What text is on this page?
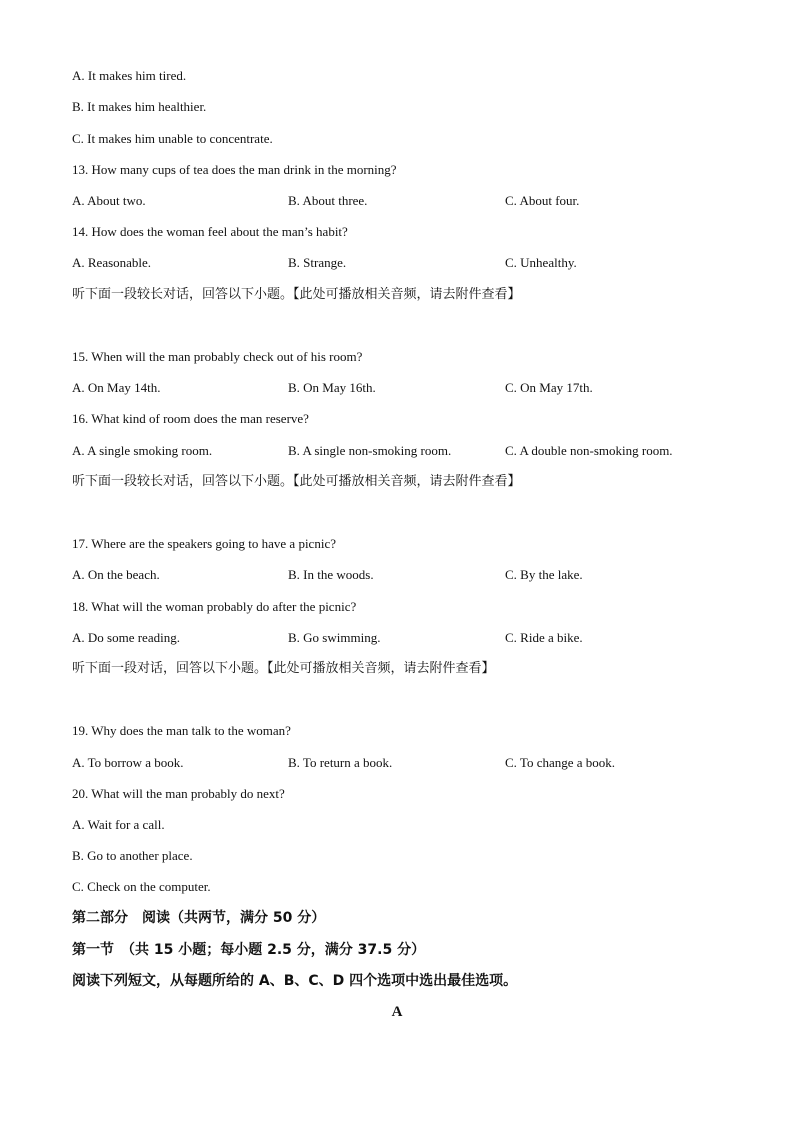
A. It makes him tired.
B. It makes him healthier.
C. It makes him unable to concentrate.
13. How many cups of tea does the man drink in the morning?
A. About two.	B. About three.	C. About four.
14. How does the woman feel about the man’s habit?
A. Reasonable.	B. Strange.	C. Unhealthy.
听下面一段较长对话，回答以下小题。【此处可播放相关音频，请去附件查看】
15. When will the man probably check out of his room?
A. On May 14th.	B. On May 16th.	C. On May 17th.
16. What kind of room does the man reserve?
A. A single smoking room.	B. A single non-smoking room.	C. A double non-smoking room.
听下面一段较长对话，回答以下小题。【此处可播放相关音频，请去附件查看】
17. Where are the speakers going to have a picnic?
A. On the beach.	B. In the woods.	C. By the lake.
18. What will the woman probably do after the picnic?
A. Do some reading.	B. Go swimming.	C. Ride a bike.
听下面一段对话，回答以下小题。【此处可播放相关音频，请去附件查看】
19. Why does the man talk to the woman?
A. To borrow a book.	B. To return a book.	C. To change a book.
20. What will the man probably do next?
A. Wait for a call.
B. Go to another place.
C. Check on the computer.
第二部分　阅读（共两节，满分 50 分）
第一节　（共 15 小题；每小题 2.5 分，满分 37.5 分）
阅读下列短文，从每题所给的 A、B、C、D 四个选项中选出最佳选项。
A
